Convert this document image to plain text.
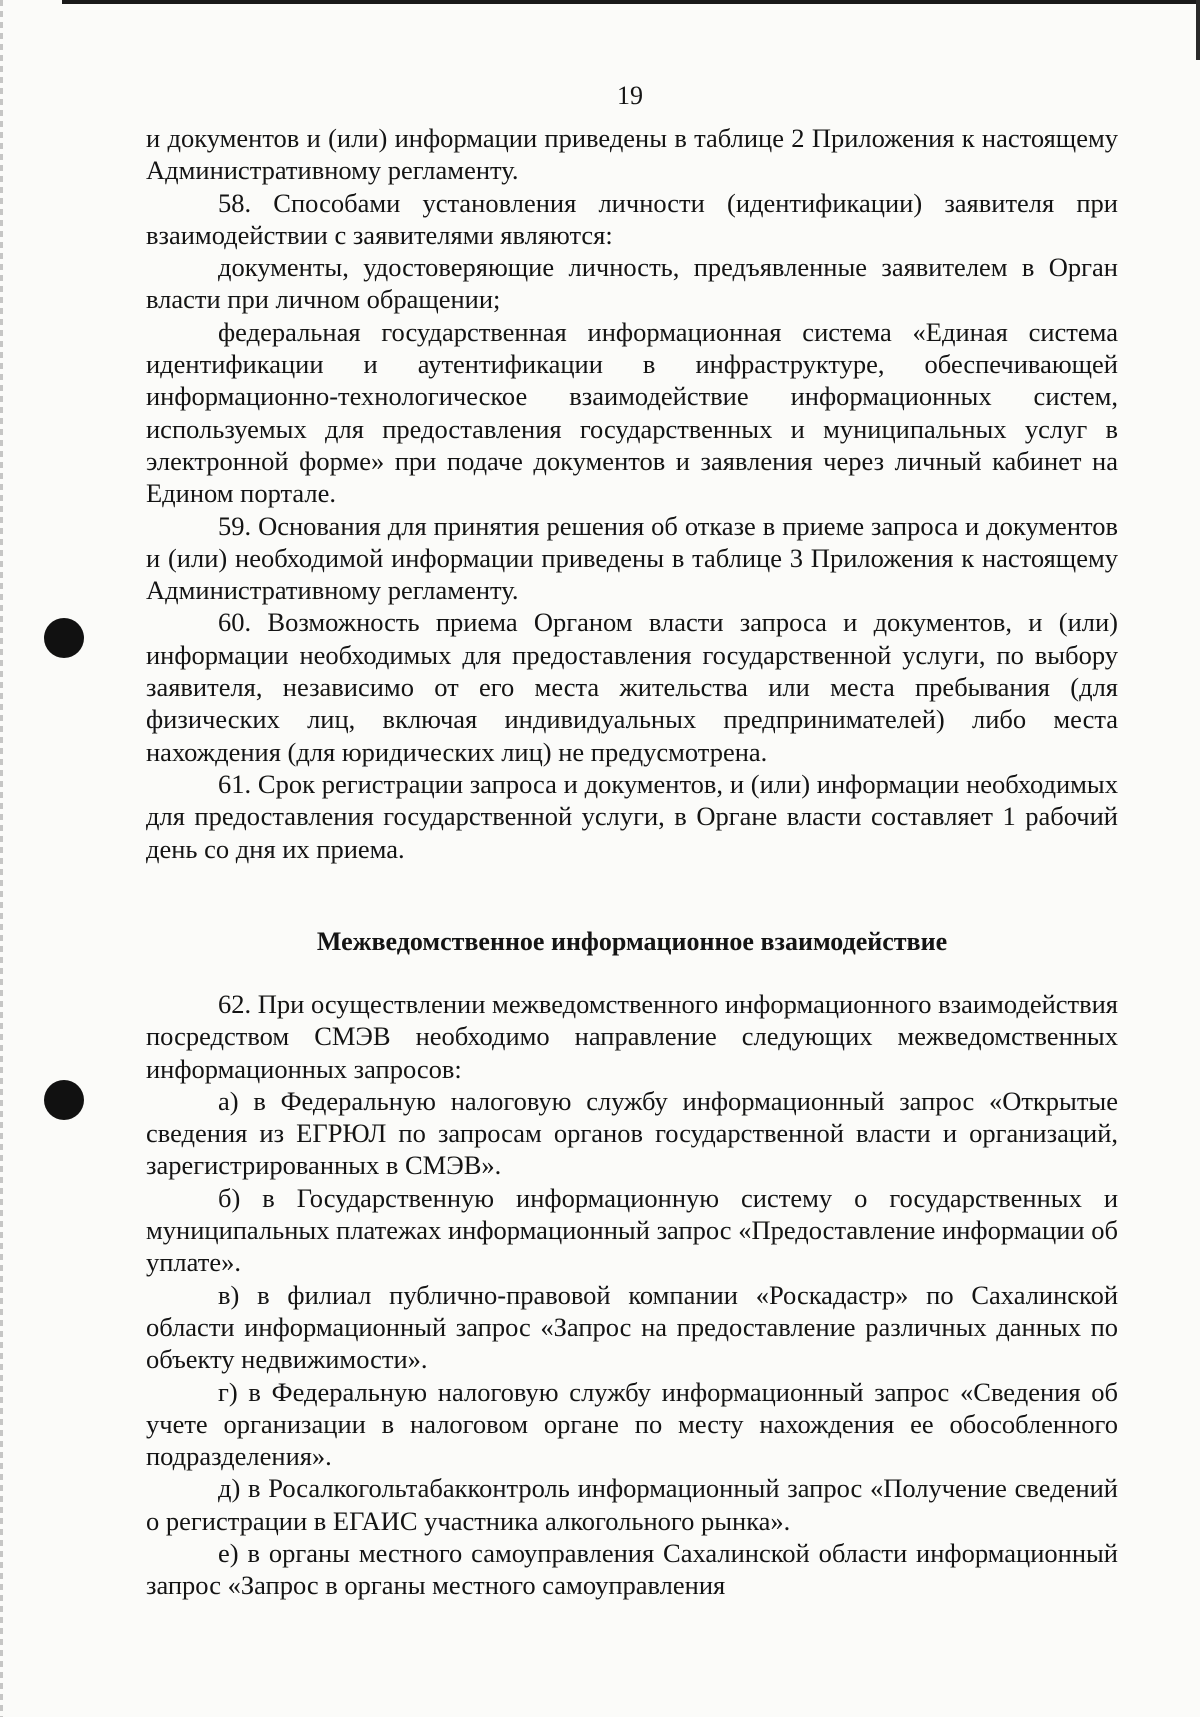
19

и документов и (или) информации приведены в таблице 2 Приложения к настоящему Административному регламенту.

58. Способами установления личности (идентификации) заявителя при взаимодействии с заявителями являются:

документы, удостоверяющие личность, предъявленные заявителем в Орган власти при личном обращении;

федеральная государственная информационная система «Единая система идентификации и аутентификации в инфраструктуре, обеспечивающей информационно-технологическое взаимодействие информационных систем, используемых для предоставления государственных и муниципальных услуг в электронной форме» при подаче документов и заявления через личный кабинет на Едином портале.

59. Основания для принятия решения об отказе в приеме запроса и документов и (или) необходимой информации приведены в таблице 3 Приложения к настоящему Административному регламенту.

60. Возможность приема Органом власти запроса и документов, и (или) информации необходимых для предоставления государственной услуги, по выбору заявителя, независимо от его места жительства или места пребывания (для физических лиц, включая индивидуальных предпринимателей) либо места нахождения (для юридических лиц) не предусмотрена.

61. Срок регистрации запроса и документов, и (или) информации необходимых для предоставления государственной услуги, в Органе власти составляет 1 рабочий день со дня их приема.

Межведомственное информационное взаимодействие

62. При осуществлении межведомственного информационного взаимодействия посредством СМЭВ необходимо направление следующих межведомственных информационных запросов:

а) в Федеральную налоговую службу информационный запрос «Открытые сведения из ЕГРЮЛ по запросам органов государственной власти и организаций, зарегистрированных в СМЭВ».

б) в Государственную информационную систему о государственных и муниципальных платежах информационный запрос «Предоставление информации об уплате».

в) в филиал публично-правовой компании «Роскадастр» по Сахалинской области информационный запрос «Запрос на предоставление различных данных по объекту недвижимости».

г) в Федеральную налоговую службу информационный запрос «Сведения об учете организации в налоговом органе по месту нахождения ее обособленного подразделения».

д) в Росалкогольтабакконтроль информационный запрос «Получение сведений о регистрации в ЕГАИС участника алкогольного рынка».

е) в органы местного самоуправления Сахалинской области информационный запрос «Запрос в органы местного самоуправления
